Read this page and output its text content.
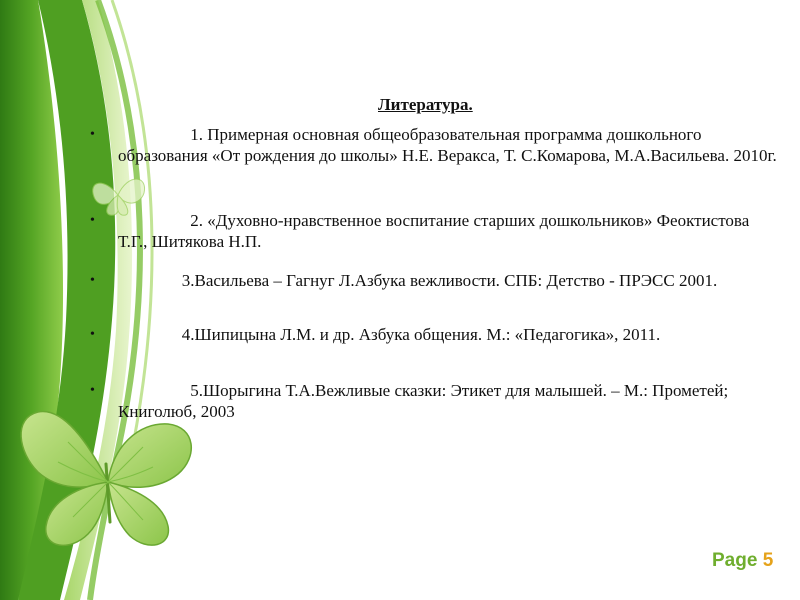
Литература.
• 1. Примерная основная общеобразовательная программа дошкольного образования «От рождения до школы» Н.Е. Веракса, Т. С.Комарова, М.А.Васильева. 2010г.
• 2. «Духовно-нравственное воспитание старших дошкольников» Феоктистова Т.Г., Шитякова Н.П.
• 3.Васильева – Гагнуг Л.Азбука вежливости. СПБ: Детство - ПРЭСС 2001.
• 4.Шипицына Л.М. и др. Азбука общения. М.: «Педагогика», 2011.
• 5.Шорыгина Т.А.Вежливые сказки: Этикет для малышей. – М.: Прометей; Книголюб, 2003
Page 5
